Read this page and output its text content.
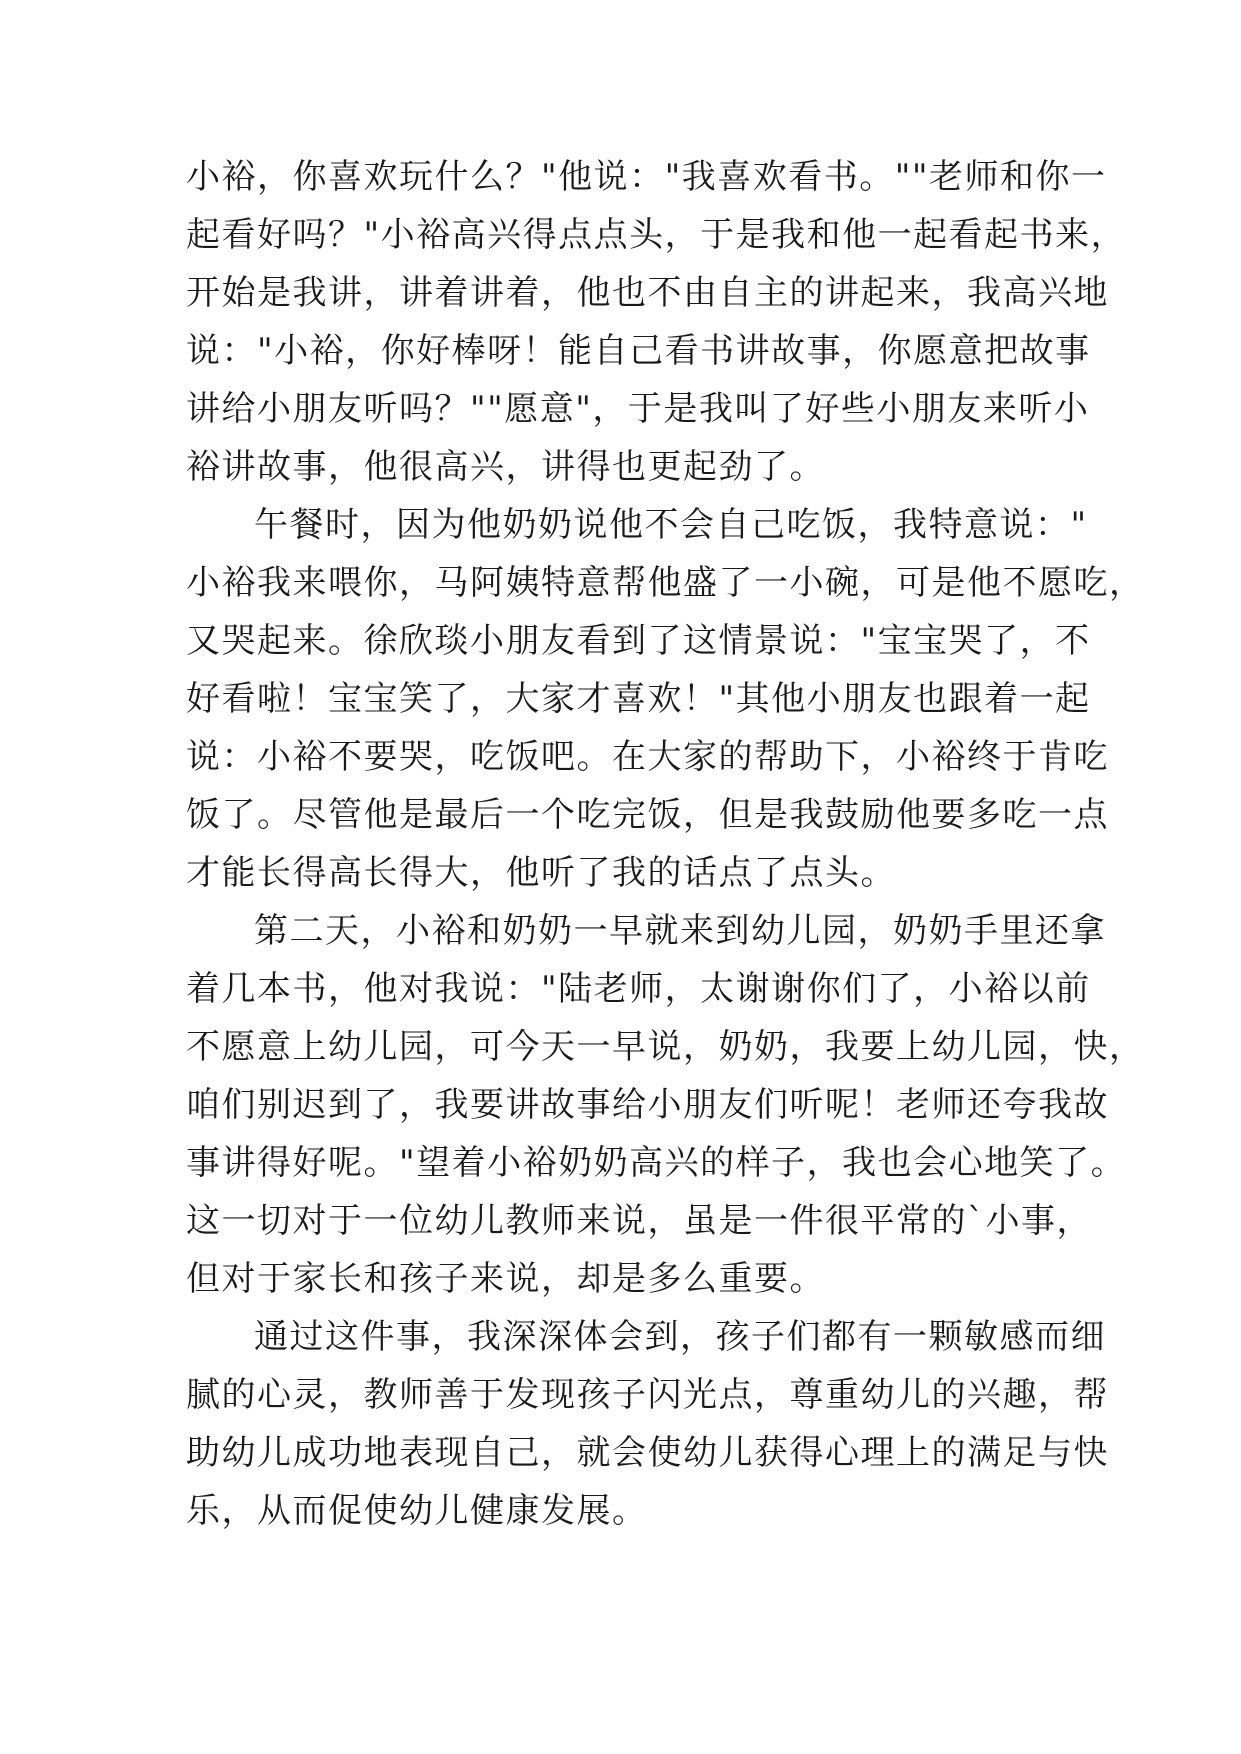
小裕，你喜欢玩什么？"他说："我喜欢看书。""老师和你一
起看好吗？"小裕高兴得点点头，于是我和他一起看起书来，
开始是我讲，讲着讲着，他也不由自主的讲起来，我高兴地
说："小裕，你好棒呀！能自己看书讲故事，你愿意把故事
讲给小朋友听吗？""愿意"，于是我叫了好些小朋友来听小
裕讲故事，他很高兴，讲得也更起劲了。
午餐时，因为他奶奶说他不会自己吃饭，我特意说："
小裕我来喂你，马阿姨特意帮他盛了一小碗，可是他不愿吃，
又哭起来。徐欣琰小朋友看到了这情景说："宝宝哭了，不
好看啦！宝宝笑了，大家才喜欢！"其他小朋友也跟着一起
说：小裕不要哭，吃饭吧。在大家的帮助下，小裕终于肯吃
饭了。尽管他是最后一个吃完饭，但是我鼓励他要多吃一点
才能长得高长得大，他听了我的话点了点头。
第二天，小裕和奶奶一早就来到幼儿园，奶奶手里还拿
着几本书，他对我说："陆老师，太谢谢你们了，小裕以前
不愿意上幼儿园，可今天一早说，奶奶，我要上幼儿园，快，
咱们别迟到了，我要讲故事给小朋友们听呢！老师还夸我故
事讲得好呢。"望着小裕奶奶高兴的样子，我也会心地笑了。
这一切对于一位幼儿教师来说，虽是一件很平常的`小事，
但对于家长和孩子来说，却是多么重要。
通过这件事，我深深体会到，孩子们都有一颗敏感而细
腻的心灵，教师善于发现孩子闪光点，尊重幼儿的兴趣，帮
助幼儿成功地表现自己，就会使幼儿获得心理上的满足与快
乐，从而促使幼儿健康发展。
